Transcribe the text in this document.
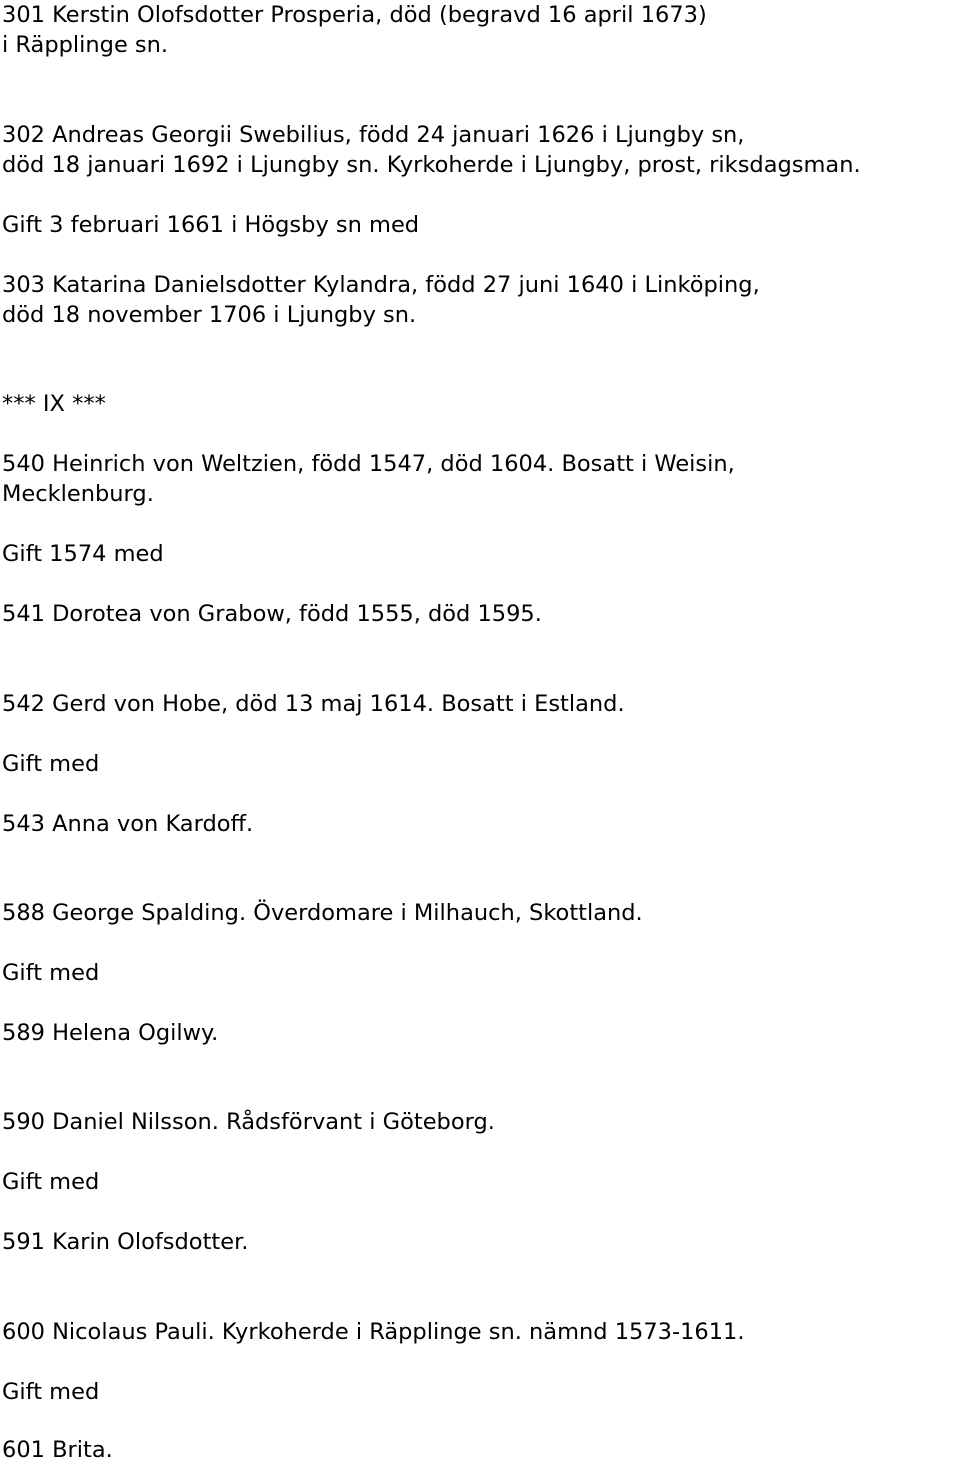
301 Kerstin Olofsdotter Prosperia, död (begravd 16 april 1673)

i Räpplinge sn.

302 Andreas Georgii Swebilius, född 24 januari 1626 i Ljungby sn,

död 18 januari 1692 i Ljungby sn. Kyrkoherde i Ljungby, prost, riksdagsman.

Gift 3 februari 1661 i Högsby sn med

303 Katarina Danielsdotter Kylandra, född 27 juni 1640 i Linköping,

död 18 november 1706 i Ljungby sn.

*** IX ***

540 Heinrich von Weltzien, född 1547, död 1604. Bosatt i Weisin,

Mecklenburg.

Gift 1574 med

541 Dorotea von Grabow, född 1555, död 1595.

542 Gerd von Hobe, död 13 maj 1614. Bosatt i Estland.

Gift med

543 Anna von Kardoff.

588 George Spalding. Överdomare i Milhauch, Skottland.

Gift med

589 Helena Ogilwy.

590 Daniel Nilsson. Rådsförvant i Göteborg.

Gift med

591 Karin Olofsdotter.

600 Nicolaus Pauli. Kyrkoherde i Räpplinge sn. nämnd 1573-1611.

Gift med

601 Brita.
